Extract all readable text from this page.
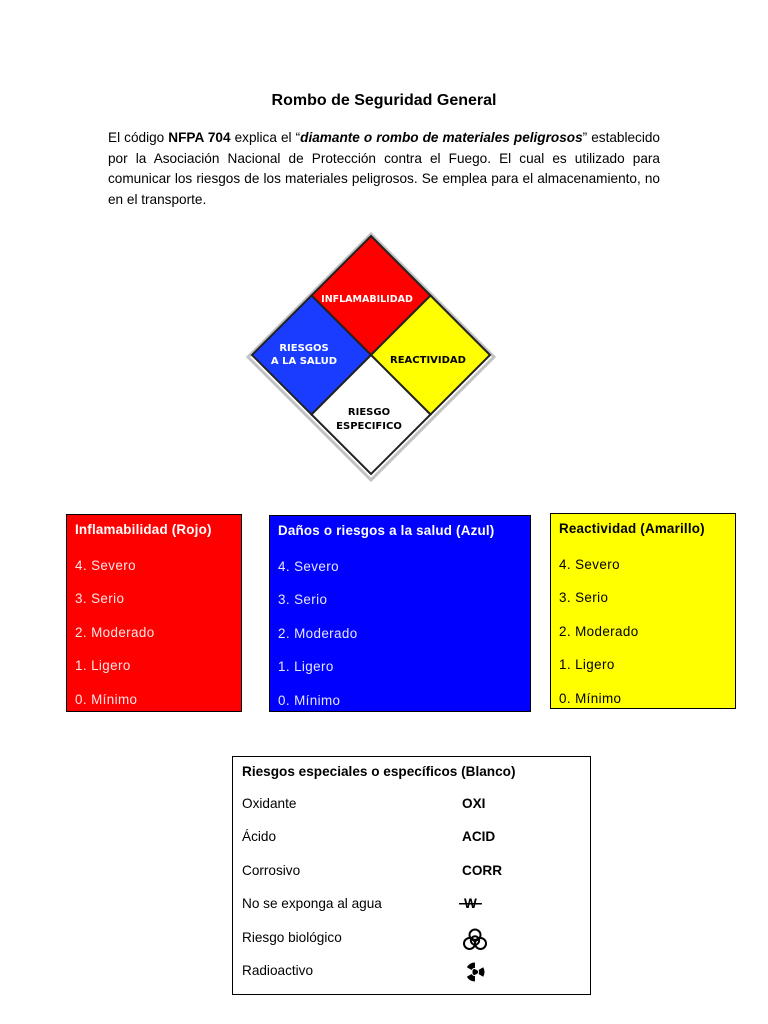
Rombo de Seguridad General
El código NFPA 704 explica el “diamante o rombo de materiales peligrosos” establecido por la Asociación Nacional de Protección contra el Fuego. El cual es utilizado para comunicar los riesgos de los materiales peligrosos. Se emplea para el almacenamiento, no en el transporte.
INFLAMABILIDAD
RIESGOS
A LA SALUD	REACTIVIDAD
RIESGO
ESPECIFICO
Inflamabilidad (Rojo)
4. Severo
3. Serio
2. Moderado
1. Ligero
0. Mínimo
Daños o riesgos a la salud (Azul)
4. Severo
3. Serio
2. Moderado
1. Ligero
0. Mínimo
Reactividad (Amarillo)
4. Severo
3. Serio
2. Moderado
1. Ligero
0. Mínimo
Riesgos especiales o específicos (Blanco)
Oxidante	OXI
Ácido	ACID
Corrosivo	CORR
No se exponga al agua	W
Riesgo biológico
Radioactivo
